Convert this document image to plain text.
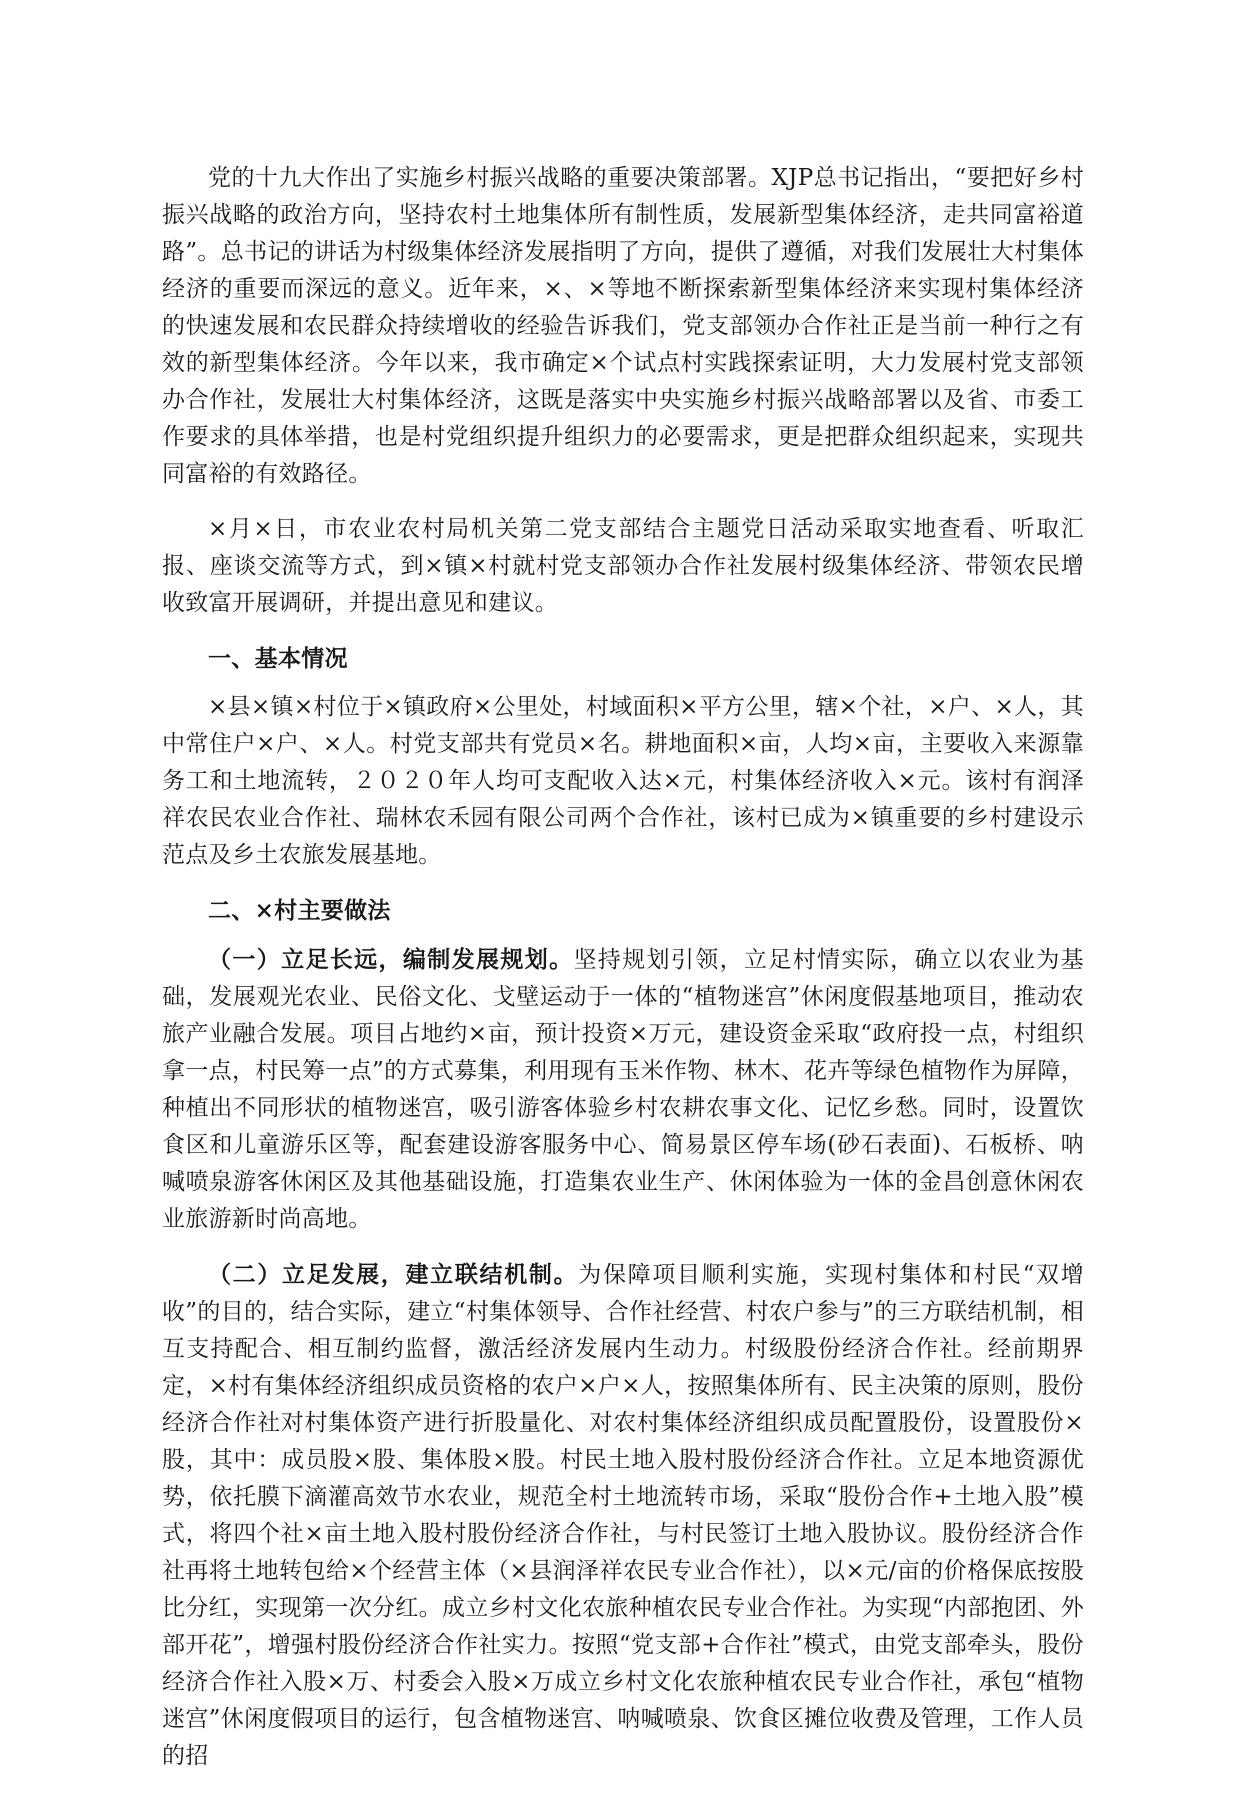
党的十九大作出了实施乡村振兴战略的重要决策部署。XJP总书记指出，“要把好乡村振兴战略的政治方向，坚持农村土地集体所有制性质，发展新型集体经济，走共同富裕道路”。总书记的讲话为村级集体经济发展指明了方向，提供了遵循，对我们发展壮大村集体经济的重要而深远的意义。近年来，×、×等地不断探索新型集体经济来实现村集体经济的快速发展和农民群众持续增收的经验告诉我们，党支部领办合作社正是当前一种行之有效的新型集体经济。今年以来，我市确定×个试点村实践探索证明，大力发展村党支部领办合作社，发展壮大村集体经济，这既是落实中央实施乡村振兴战略部署以及省、市委工作要求的具体举措，也是村党组织提升组织力的必要需求，更是把群众组织起来，实现共同富裕的有效路径。

×月×日，市农业农村局机关第二党支部结合主题党日活动采取实地查看、听取汇报、座谈交流等方式，到×镇×村就村党支部领办合作社发展村级集体经济、带领农民增收致富开展调研，并提出意见和建议。

一、基本情况

×县×镇×村位于×镇政府×公里处，村域面积×平方公里，辖×个社，×户、×人，其中常住户×户、×人。村党支部共有党员×名。耕地面积×亩，人均×亩，主要收入来源靠务工和土地流转，２０２０年人均可支配收入达×元，村集体经济收入×元。该村有润泽祥农民农业合作社、瑞林农禾园有限公司两个合作社，该村已成为×镇重要的乡村建设示范点及乡土农旅发展基地。

二、×村主要做法

（一）立足长远，编制发展规划。坚持规划引领，立足村情实际，确立以农业为基础，发展观光农业、民俗文化、戈壁运动于一体的“植物迷宫”休闲度假基地项目，推动农旅产业融合发展。项目占地约×亩，预计投资×万元，建设资金采取“政府投一点，村组织拿一点，村民筹一点”的方式募集，利用现有玉米作物、林木、花卉等绿色植物作为屏障，种植出不同形状的植物迷宫，吸引游客体验乡村农耕农事文化、记忆乡愁。同时，设置饮食区和儿童游乐区等，配套建设游客服务中心、简易景区停车场(砂石表面)、石板桥、呐喊喷泉游客休闲区及其他基础设施，打造集农业生产、休闲体验为一体的金昌创意休闲农业旅游新时尚高地。

（二）立足发展，建立联结机制。为保障项目顺利实施，实现村集体和村民“双增收”的目的，结合实际，建立“村集体领导、合作社经营、村农户参与”的三方联结机制，相互支持配合、相互制约监督，激活经济发展内生动力。村级股份经济合作社。经前期界定，×村有集体经济组织成员资格的农户×户×人，按照集体所有、民主决策的原则，股份经济合作社对村集体资产进行折股量化、对农村集体经济组织成员配置股份，设置股份×股，其中：成员股×股、集体股×股。村民土地入股村股份经济合作社。立足本地资源优势，依托膜下滴灌高效节水农业，规范全村土地流转市场，采取“股份合作+土地入股”模式，将四个社×亩土地入股村股份经济合作社，与村民签订土地入股协议。股份经济合作社再将土地转包给×个经营主体（×县润泽祥农民专业合作社），以×元/亩的价格保底按股比分红，实现第一次分红。成立乡村文化农旅种植农民专业合作社。为实现“内部抱团、外部开花”，增强村股份经济合作社实力。按照“党支部+合作社”模式，由党支部牵头，股份经济合作社入股×万、村委会入股×万成立乡村文化农旅种植农民专业合作社，承包“植物迷宫”休闲度假项目的运行，包含植物迷宫、呐喊喷泉、饮食区摊位收费及管理，工作人员的招
